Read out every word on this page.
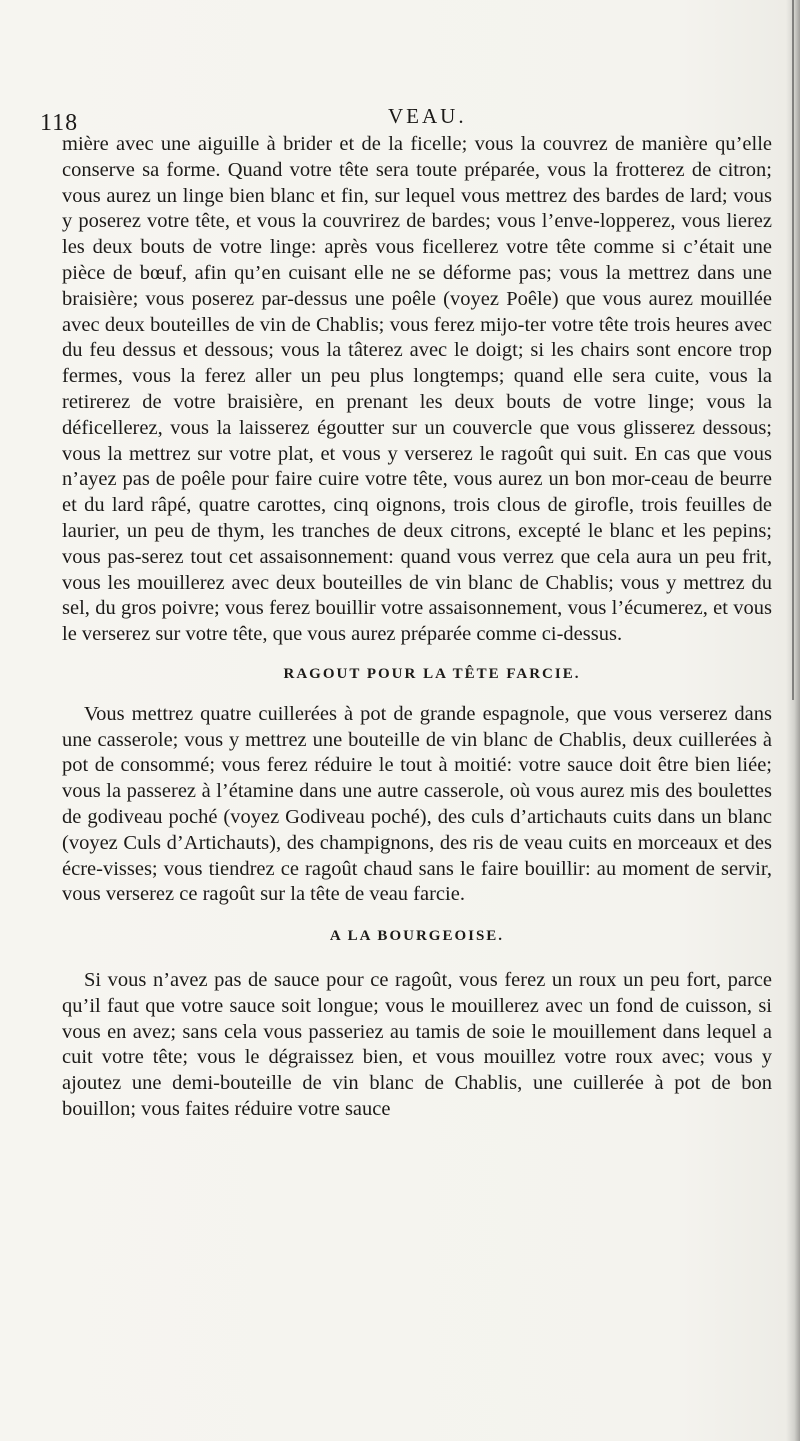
118	VEAU.

mière avec une aiguille à brider et de la ficelle; vous la couvrez de manière qu’elle conserve sa forme. Quand votre tête sera toute préparée, vous la frotterez de citron; vous aurez un linge bien blanc et fin, sur lequel vous mettrez des bardes de lard; vous y poserez votre tête, et vous la couvrirez de bardes; vous l’enve-lopperez, vous lierez les deux bouts de votre linge: après vous ficellerez votre tête comme si c’était une pièce de bœuf, afin qu’en cuisant elle ne se déforme pas; vous la mettrez dans une braisière; vous poserez par-dessus une poêle (voyez Poêle) que vous aurez mouillée avec deux bouteilles de vin de Chablis; vous ferez mijo-ter votre tête trois heures avec du feu dessus et dessous; vous la tâterez avec le doigt; si les chairs sont encore trop fermes, vous la ferez aller un peu plus longtemps; quand elle sera cuite, vous la retirerez de votre braisière, en prenant les deux bouts de votre linge; vous la déficellerez, vous la laisserez égoutter sur un couvercle que vous glisserez dessous; vous la mettrez sur votre plat, et vous y verserez le ragoût qui suit. En cas que vous n’ayez pas de poêle pour faire cuire votre tête, vous aurez un bon mor-ceau de beurre et du lard râpé, quatre carottes, cinq oignons, trois clous de girofle, trois feuilles de laurier, un peu de thym, les tranches de deux citrons, excepté le blanc et les pepins; vous pas-serez tout cet assaisonnement: quand vous verrez que cela aura un peu frit, vous les mouillerez avec deux bouteilles de vin blanc de Chablis; vous y mettrez du sel, du gros poivre; vous ferez bouillir votre assaisonnement, vous l’écumerez, et vous le verserez sur votre tête, que vous aurez préparée comme ci-dessus.

RAGOUT POUR LA TÊTE FARCIE.

Vous mettrez quatre cuillerées à pot de grande espagnole, que vous verserez dans une casserole; vous y mettrez une bouteille de vin blanc de Chablis, deux cuillerées à pot de consommé; vous ferez réduire le tout à moitié: votre sauce doit être bien liée; vous la passerez à l’étamine dans une autre casserole, où vous aurez mis des boulettes de godiveau poché (voyez Godiveau poché), des culs d’artichauts cuits dans un blanc (voyez Culs d’Artichauts), des champignons, des ris de veau cuits en morceaux et des écre-visses; vous tiendrez ce ragoût chaud sans le faire bouillir: au moment de servir, vous verserez ce ragoût sur la tête de veau farcie.

A LA BOURGEOISE.

Si vous n’avez pas de sauce pour ce ragoût, vous ferez un roux un peu fort, parce qu’il faut que votre sauce soit longue; vous le mouillerez avec un fond de cuisson, si vous en avez; sans cela vous passeriez au tamis de soie le mouillement dans lequel a cuit votre tête; vous le dégraissez bien, et vous mouillez votre roux avec; vous y ajoutez une demi-bouteille de vin blanc de Chablis, une cuillerée à pot de bon bouillon; vous faites réduire votre sauce
